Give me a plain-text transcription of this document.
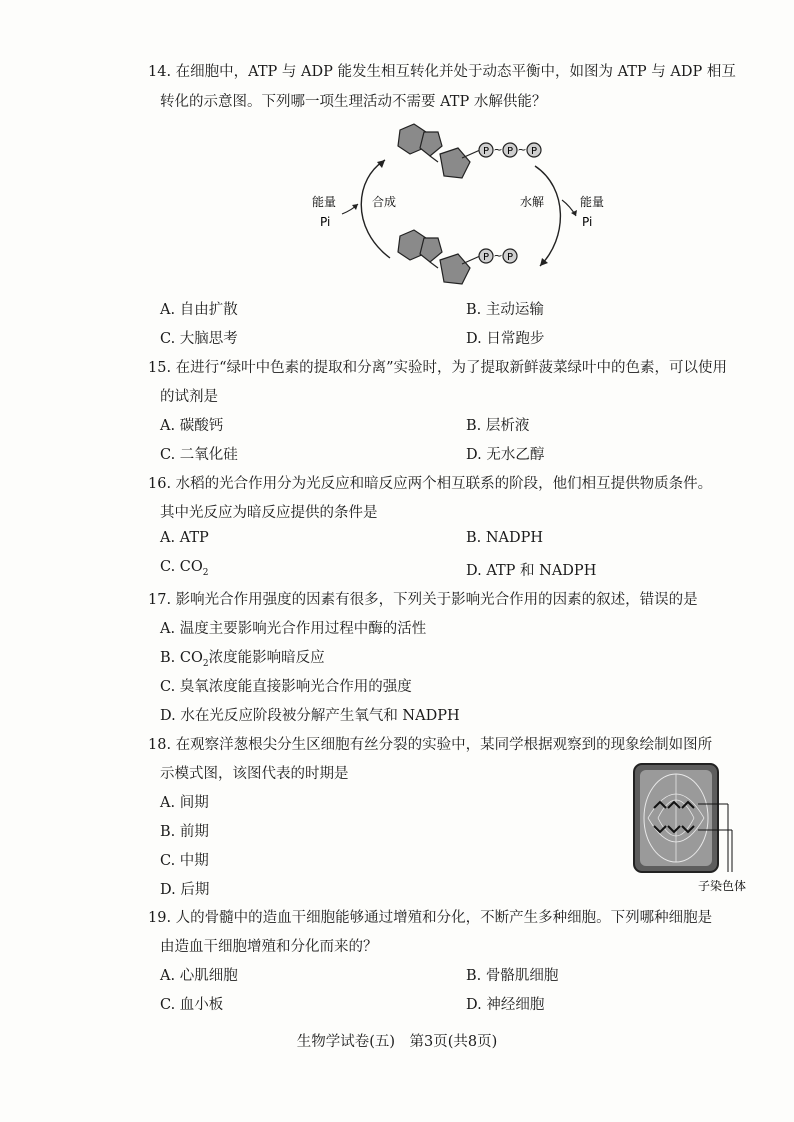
14. 在细胞中，ATP 与 ADP 能发生相互转化并处于动态平衡中，如图为 ATP 与 ADP 相互
转化的示意图。下列哪一项生理活动不需要 ATP 水解供能？
P ~ P ~ P
P ~ P
能量
Pi
合成	水解	能量
Pi
A. 自由扩散	B. 主动运输
C. 大脑思考	D. 日常跑步
15. 在进行“绿叶中色素的提取和分离”实验时，为了提取新鲜菠菜绿叶中的色素，可以使用
的试剂是
A. 碳酸钙	B. 层析液
C. 二氧化硅	D. 无水乙醇
16. 水稻的光合作用分为光反应和暗反应两个相互联系的阶段，他们相互提供物质条件。
其中光反应为暗反应提供的条件是
A. ATP	B. NADPH
C. $CO_2$	D. ATP 和 NADPH
17. 影响光合作用强度的因素有很多，下列关于影响光合作用的因素的叙述，错误的是
A. 温度主要影响光合作用过程中酶的活性
B. $CO_2$浓度能影响暗反应
C. 臭氧浓度能直接影响光合作用的强度
D. 水在光反应阶段被分解产生氧气和 NADPH
18. 在观察洋葱根尖分生区细胞有丝分裂的实验中，某同学根据观察到的现象绘制如图所
示模式图，该图代表的时期是
A. 间期
B. 前期
C. 中期
D. 后期	子染色体
19. 人的骨髓中的造血干细胞能够通过增殖和分化，不断产生多种细胞。下列哪种细胞是
由造血干细胞增殖和分化而来的？
A. 心肌细胞	B. 骨骼肌细胞
C. 血小板	D. 神经细胞
生物学试卷(五)　第3页(共8页)
